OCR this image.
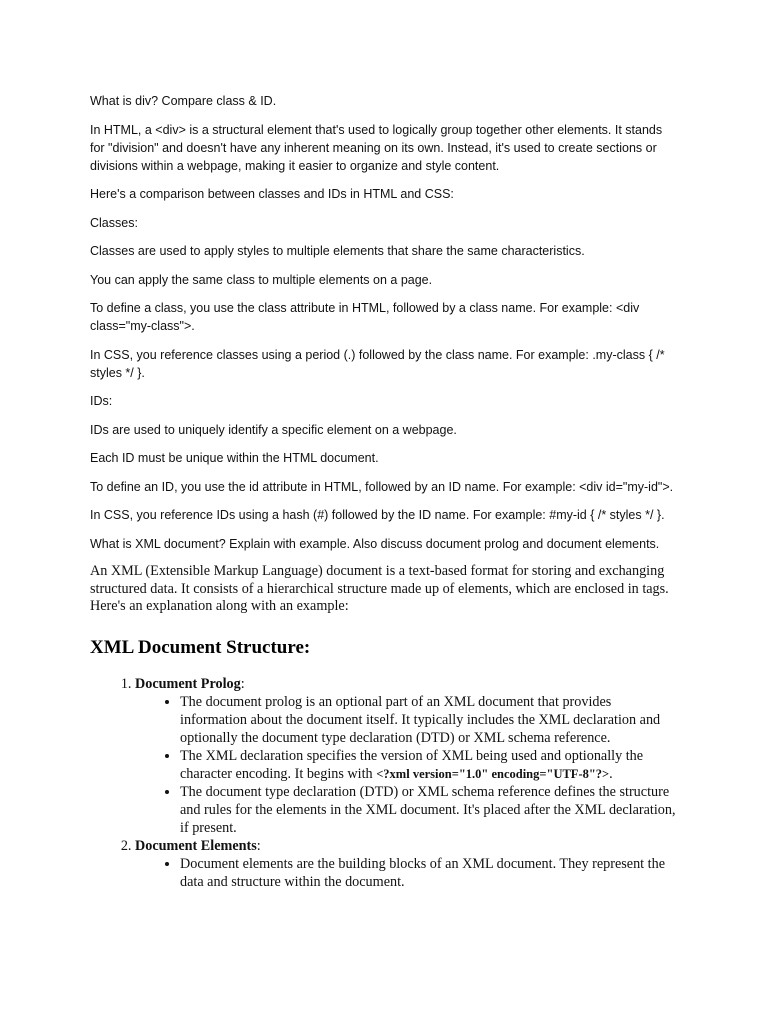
What is div? Compare class & ID.

In HTML, a <div> is a structural element that's used to logically group together other elements. It stands for "division" and doesn't have any inherent meaning on its own. Instead, it's used to create sections or divisions within a webpage, making it easier to organize and style content.

Here's a comparison between classes and IDs in HTML and CSS:

Classes:

Classes are used to apply styles to multiple elements that share the same characteristics.

You can apply the same class to multiple elements on a page.

To define a class, you use the class attribute in HTML, followed by a class name. For example: <div class="my-class">.

In CSS, you reference classes using a period (.) followed by the class name. For example: .my-class { /* styles */ }.

IDs:

IDs are used to uniquely identify a specific element on a webpage.

Each ID must be unique within the HTML document.

To define an ID, you use the id attribute in HTML, followed by an ID name. For example: <div id="my-id">.

In CSS, you reference IDs using a hash (#) followed by the ID name. For example: #my-id { /* styles */ }.

What is XML document? Explain with example. Also discuss document prolog and document elements.

An XML (Extensible Markup Language) document is a text-based format for storing and exchanging structured data. It consists of a hierarchical structure made up of elements, which are enclosed in tags. Here's an explanation along with an example:

XML Document Structure:
1. Document Prolog:
• The document prolog is an optional part of an XML document that provides information about the document itself. It typically includes the XML declaration and optionally the document type declaration (DTD) or XML schema reference.
• The XML declaration specifies the version of XML being used and optionally the character encoding. It begins with <?xml version="1.0" encoding="UTF-8"?>.
• The document type declaration (DTD) or XML schema reference defines the structure and rules for the elements in the XML document. It's placed after the XML declaration, if present.
2. Document Elements:
• Document elements are the building blocks of an XML document. They represent the data and structure within the document.
